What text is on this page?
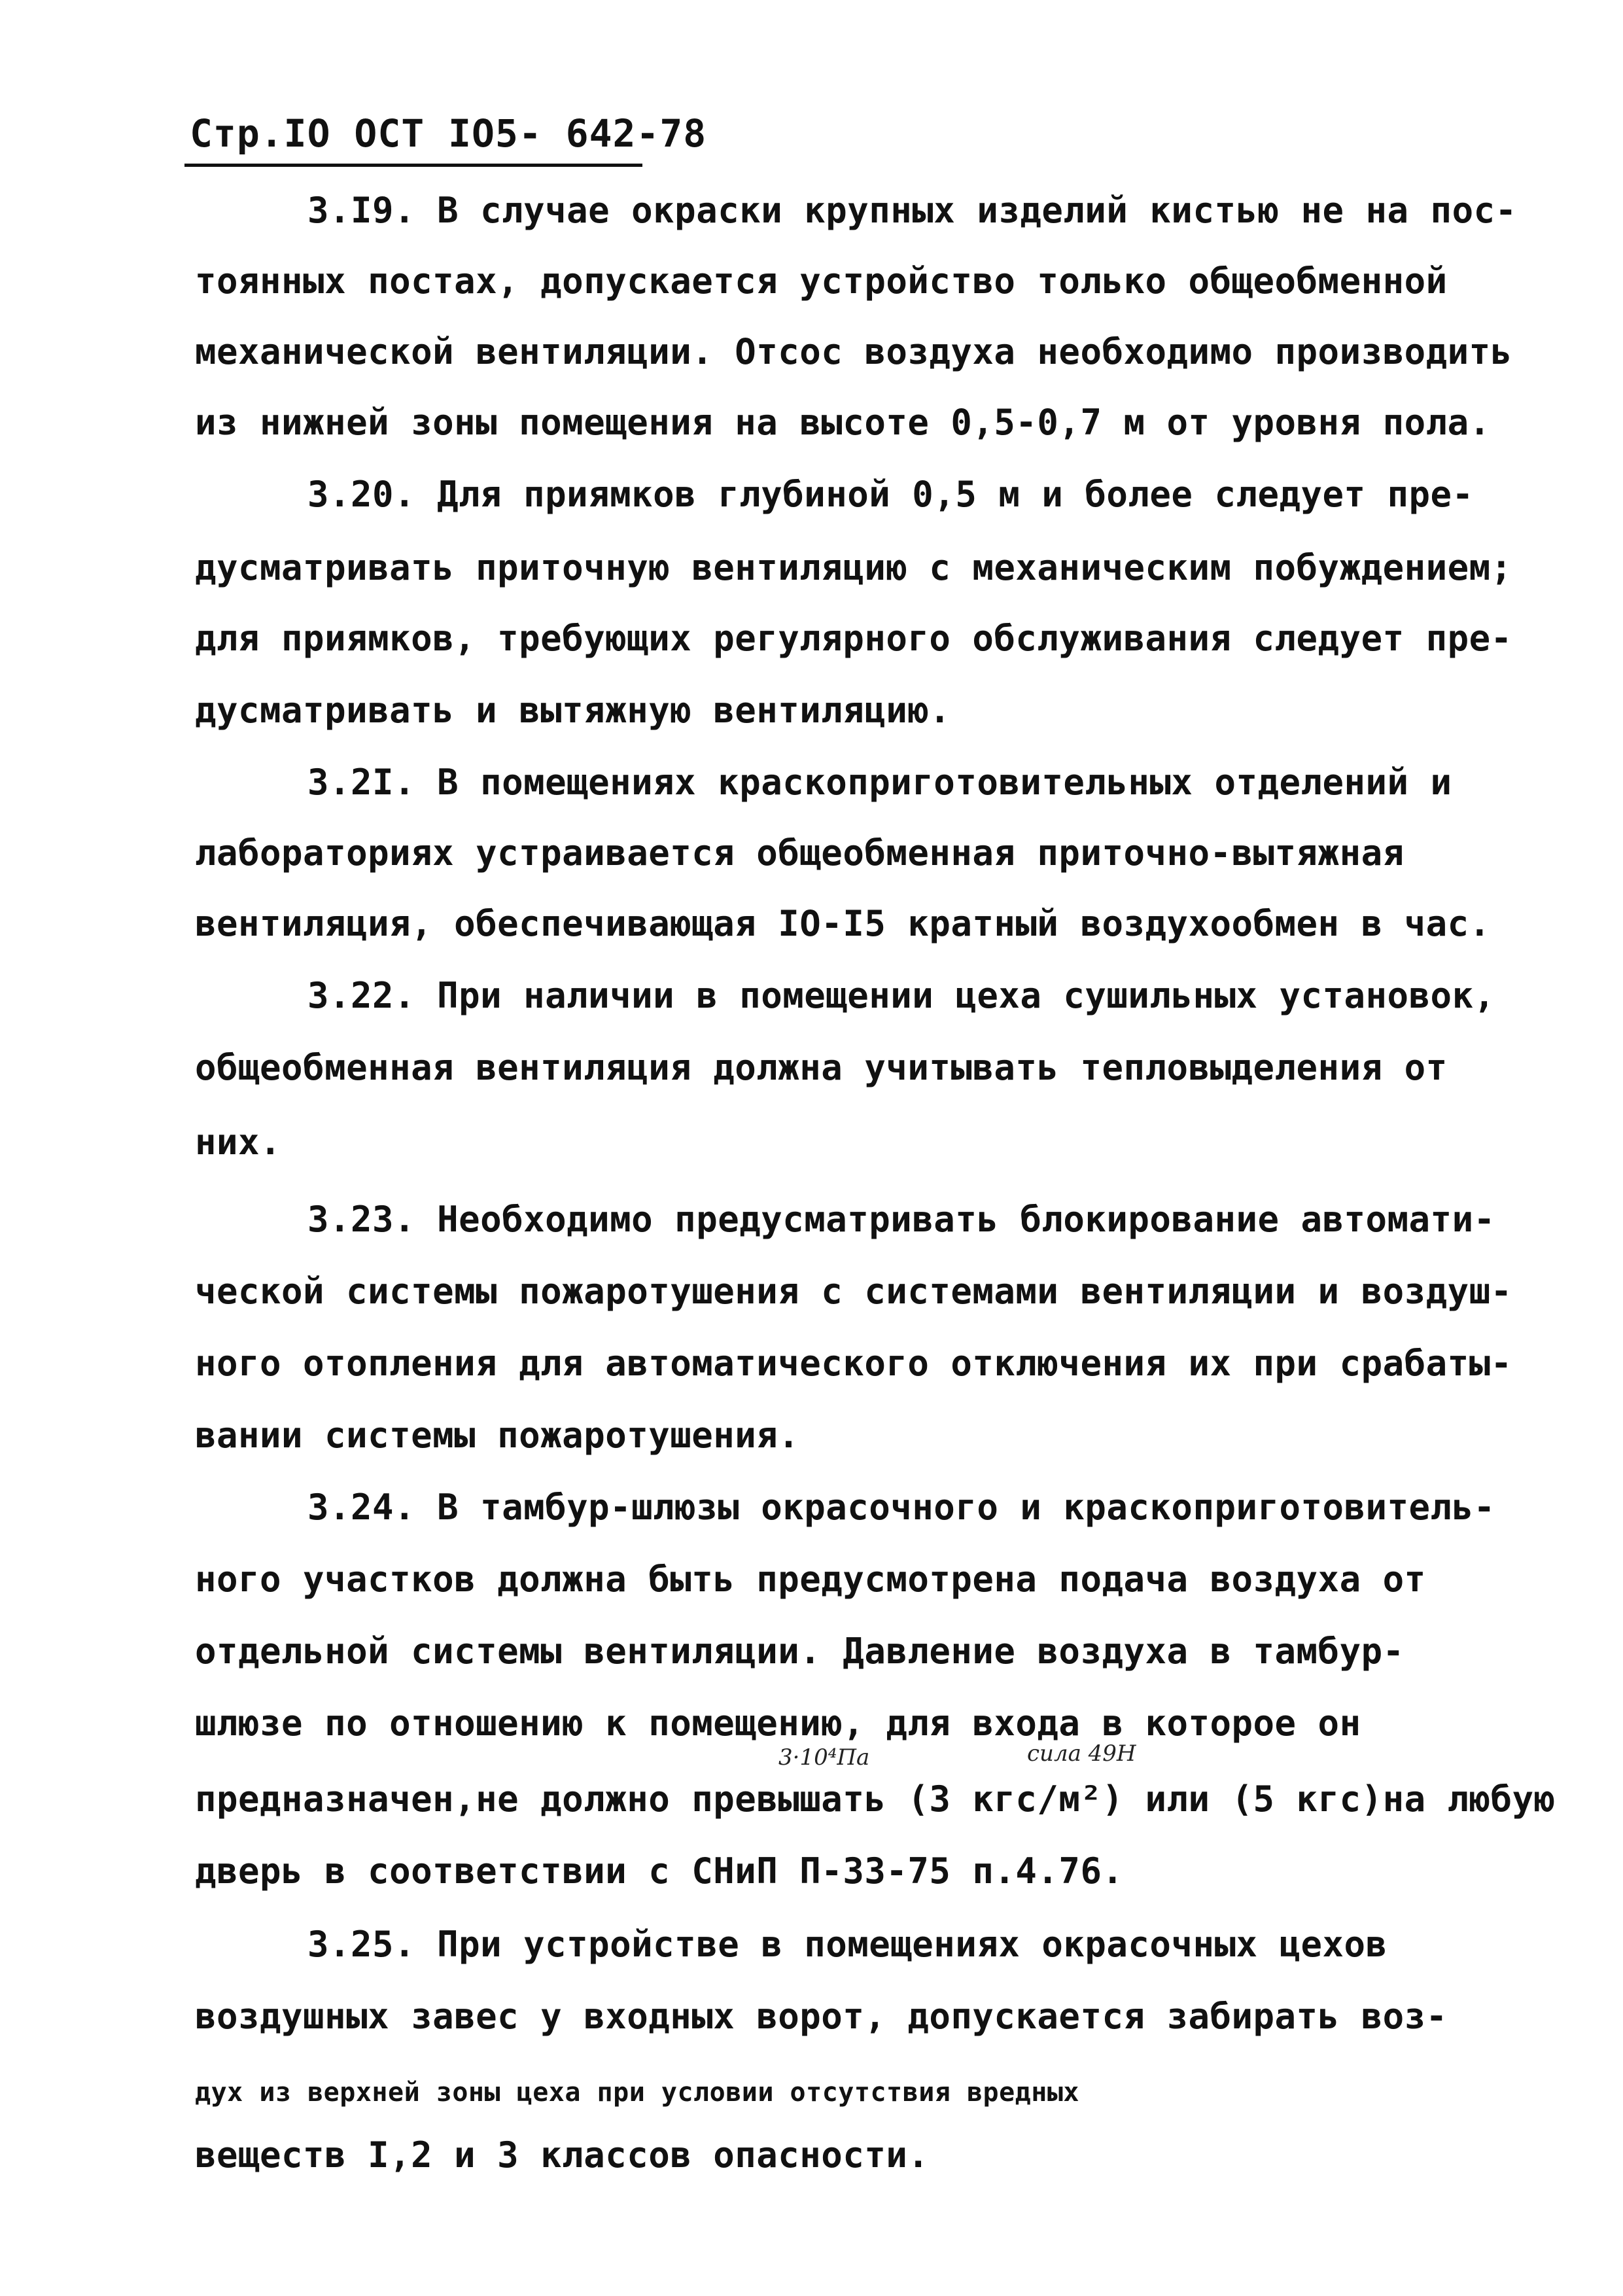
Стр.IO ОСТ IO5- 642-78
3.I9. В случае окраски крупных изделий кистью не на пос-
тоянных постах, допускается устройство только общеобменной
механической вентиляции. Отсос воздуха необходимо производить
из нижней зоны помещения на высоте 0,5-0,7 м от уровня пола.
3.20. Для приямков глубиной 0,5 м и более следует пре-
дусматривать приточную вентиляцию с механическим побуждением;
для приямков, требующих регулярного обслуживания следует пре-
дусматривать и вытяжную вентиляцию.
3.2I. В помещениях краскоприготовительных отделений и
лабораториях устраивается общеобменная приточно-вытяжная
вентиляция, обеспечивающая IO-I5 кратный воздухообмен в час.
3.22. При наличии в помещении цеха сушильных установок,
общеобменная вентиляция должна учитывать тепловыделения от
них.
3.23. Необходимо предусматривать блокирование автомати-
ческой системы пожаротушения с системами вентиляции и воздуш-
ного отопления для автоматического отключения их при срабаты-
вании системы пожаротушения.
3.24. В тамбур-шлюзы окрасочного и краскоприготовитель-
ного участков должна быть предусмотрена подача воздуха от
отдельной системы вентиляции. Давление воздуха в тамбур-
шлюзе по отношению к помещению, для входа в которое он
3·10⁴Па	сила 49Н
предназначен,не должно превышать (3 кгс/м²) или (5 кгс)на любую
дверь в соответствии с СНиП П-33-75 п.4.76.
3.25. При устройстве в помещениях окрасочных цехов
воздушных завес у входных ворот, допускается забирать воз-
дух из верхней зоны цеха при условии отсутствия вредных
веществ I,2 и 3 классов опасности.
